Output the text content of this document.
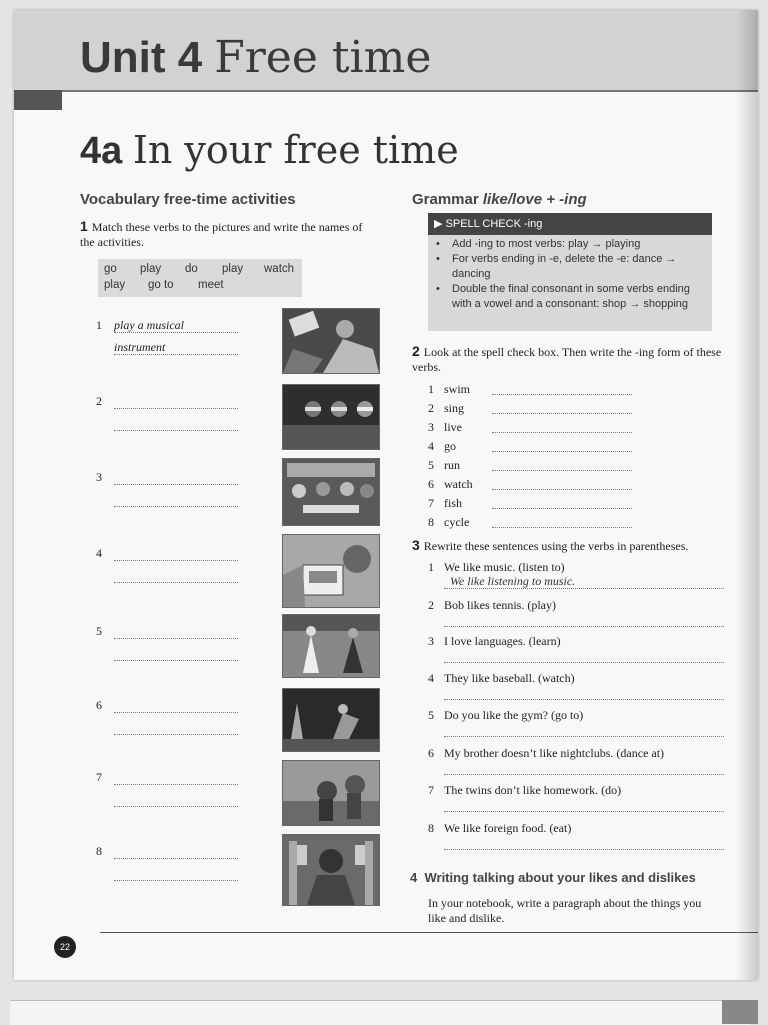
Unit 4 Free time
4a In your free time
Vocabulary free-time activities
1 Match these verbs to the pictures and write the names of the activities.
go play do play watch
play go to meet
1 play a musical
instrument
2
3
4
5
6
7
8
Grammar like/love + -ing
▶ SPELL CHECK -ing
• Add -ing to most verbs: play → playing
• For verbs ending in -e, delete the -e: dance → dancing
• Double the final consonant in some verbs ending with a vowel and a consonant: shop → shopping
2 Look at the spell check box. Then write the -ing form of these verbs.
1 swim
2 sing
3 live
4 go
5 run
6 watch
7 fish
8 cycle
3 Rewrite these sentences using the verbs in parentheses.
1 We like music. (listen to)
We like listening to music.
2 Bob likes tennis. (play)
3 I love languages. (learn)
4 They like baseball. (watch)
5 Do you like the gym? (go to)
6 My brother doesn’t like nightclubs. (dance at)
7 The twins don’t like homework. (do)
8 We like foreign food. (eat)
4 Writing talking about your likes and dislikes
In your notebook, write a paragraph about the things you like and dislike.
22
